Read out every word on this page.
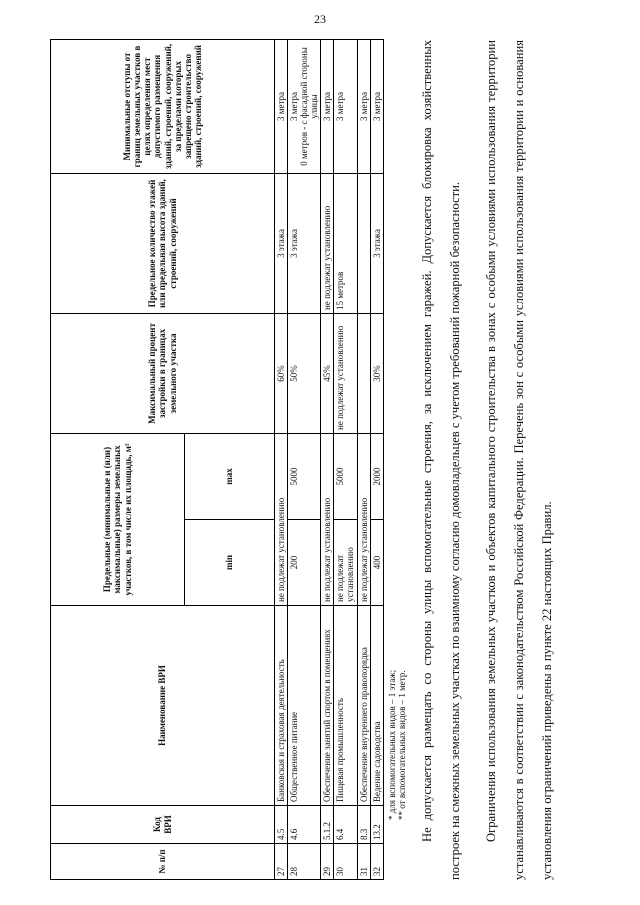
23
№ п/п	Код ВРИ	Наименование ВРИ	Предельные (минимальные и (или) максимальные) размеры земельных участков, в том числе их площадь, м²		Максимальный процент застройки в границах земельного участка	Предельное количество этажей или предельная высота зданий, строений, сооружений	Минимальные отступы от границ земельных участков в целях определения мест допустимого размещения зданий, строений, сооружений, за пределами которых запрещено строительство зданий, строений, сооружений
			min	max			
27	4.5	Банковская и страховая деятельность	не подлежат установлению		60%	3 этажа	3 метра
28	4.6	Общественное питание	200	5000	50%	3 этажа	3 метра 0 метров - с фасадной стороны улицы

29	5.1.2	Обеспечение занятий спортом в помещениях	не подлежат установлению		45%	не подлежат установлению	3 метра
30	6.4	Пищевая промышленность	не подлежат установлению	5000	не подлежат установлению	15 метров	3 метра
31	8.3	Обеспечение внутреннего правопорядка	не подлежат установлению				3 метра
32	13.2	Ведение садоводства	400	2000	30%	3 этажа	3 метра
* для вспомогательных видов – 1 этаж; ** от вспомогательных видов – 1 метр.	Не допускается размещать со стороны улицы вспомогательные строения, за исключением гаражей. Допускается блокировка хозяйственных построек на смежных земельных участках по взаимному согласию домовладельцев с учетом требований пожарной безопасности.	Ограничения использования земельных участков и объектов капитального строительства в зонах с особыми условиями использования территории устанавливаются в соответствии с законодательством Российской Федерации. Перечень зон с особыми условиями использования территории и основания установления ограничений приведены в пункте 22 настоящих Правил.
